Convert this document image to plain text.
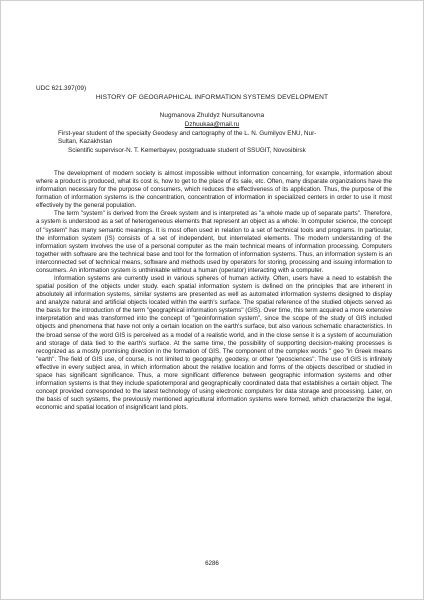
UDC 621.397(09)
HISTORY OF GEOGRAPHICAL INFORMATION SYSTEMS DEVELOPMENT
Nugmanova Zhuldyz Nursultanovna
Dzhuukaa@mail.ru
First-year student of the specialty Geodesy and cartography of the L. N. Gumilyov ENU, Nur-
Sultan, Kazakhstan
Scientific supervisor-N. T. Kemerbayev, postgraduate student of SSUGIT, Novosibirsk

The development of modern society is almost impossible without information concerning, for example, information about where a product is produced, what its cost is, how to get to the place of its sale, etc. Often, many disparate organizations have the information necessary for the purpose of consumers, which reduces the effectiveness of its application. Thus, the purpose of the formation of information systems is the concentration, concentration of information in specialized centers in order to use it most effectively by the general population.

The term "system" is derived from the Greek system and is interpreted as "a whole made up of separate parts". Therefore, a system is understood as a set of heterogeneous elements that represent an object as a whole. In computer science, the concept of "system" has many semantic meanings. It is most often used in relation to a set of technical tools and programs. In particular, the information system (IS) consists of a set of independent, but interrelated elements. The modern understanding of the information system involves the use of a personal computer as the main technical means of information processing. Computers together with software are the technical base and tool for the formation of information systems. Thus, an information system is an interconnected set of technical means, software and methods used by operators for storing, processing and issuing information to consumers. An information system is unthinkable without a human (operator) interacting with a computer.

Information systems are currently used in various spheres of human activity. Often, users have a need to establish the spatial position of the objects under study. each spatial information system is defined on the principles that are inherent in absolutely all information systems, similar systems are presented as well as automated information systems designed to display and analyze natural and artificial objects located within the earth's surface. The spatial reference of the studied objects served as the basis for the introduction of the term "geographical information systems" (GIS). Over time, this term acquired a more extensive interpretation and was transformed into the concept of "geoinformation system", since the scope of the study of GIS included objects and phenomena that have not only a certain location on the earth's surface, but also various schematic characteristics. In the broad sense of the word GIS is perceived as a model of a realistic world, and in the close sense it is a system of accumulation and storage of data tied to the earth's surface. At the same time, the possibility of supporting decision-making processes is recognized as a mostly promising direction in the formation of GIS. The component of the complex words " geo "in Greek means "earth". The field of GIS use, of course, is not limited to geography, geodesy, or other "geosciences". The use of GIS is infinitely effective in every subject area, in which information about the relative location and forms of the objects described or studied in space has significant significance. Thus, a more significant difference between geographic information systems and other information systems is that they include spatiotemporal and geographically coordinated data that establishes a certain object. The concept provided corresponded to the latest technology of using electronic computers for data storage and processing. Later, on the basis of such systems, the previously mentioned agricultural information systems were formed, which characterize the legal, economic and spatial location of insignificant land plots.

6286
